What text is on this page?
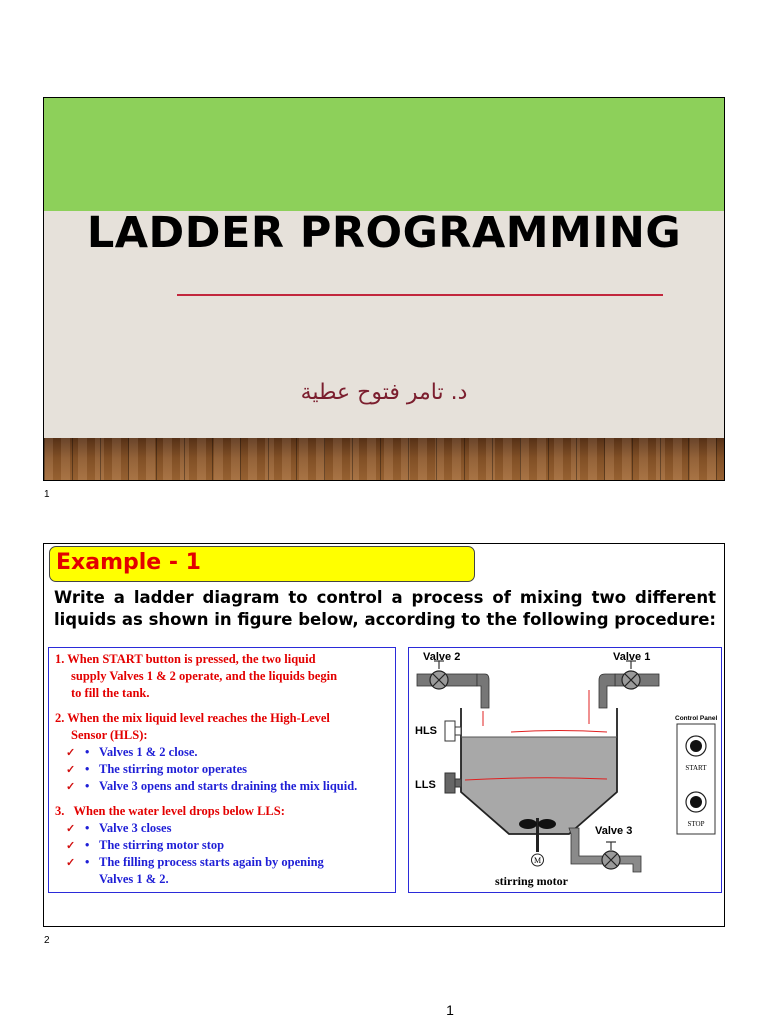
LADDER PROGRAMMING
د. تامر فتوح عطية
1
Example - 1
Write a ladder diagram to control a process of mixing two different
liquids as shown in figure below, according to the following procedure:
1. When START button is pressed, the two liquid
supply Valves 1 & 2 operate, and the liquids begin
to fill the tank.
2. When the mix liquid level reaches the High-Level
Sensor (HLS):
✓ • Valves 1 & 2 close.
✓ • The stirring motor operates
✓ • Valve 3 opens and starts draining the mix liquid.
3. When the water level drops below LLS:
✓ • Valve 3 closes
✓ • The stirring motor stop
✓ • The filling process starts again by opening
Valves 1 & 2.
M
Valve 2	Valve 1
Valve 3
HLS
LLS
Control Panel
START
STOP
stirring motor
2
1
